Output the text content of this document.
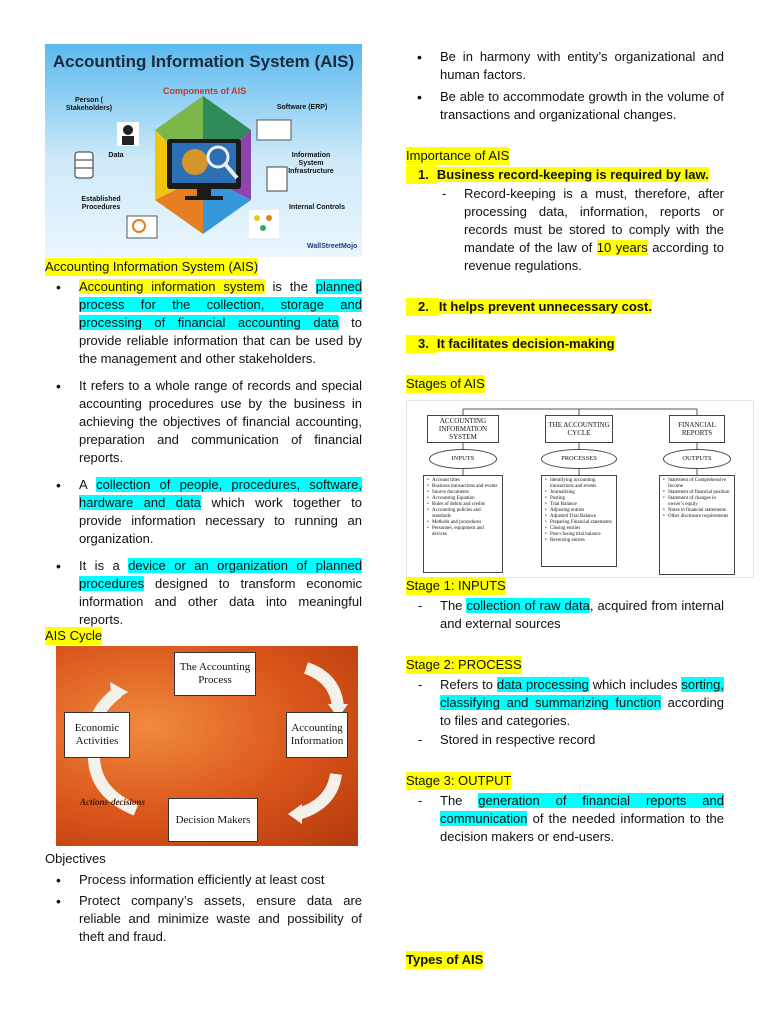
Accounting Information System (AIS)
Components of AIS
Person ( Stakeholders)	Software (ERP)
Data	Information System Infrastructure
Established Procedures	Internal Controls
WallStreetMojo
Accounting Information System (AIS)
• Accounting information system is the planned process for the collection, storage and processing of financial accounting data to provide reliable information that can be used by the management and other stakeholders.
• It refers to a whole range of records and special accounting procedures use by the business in achieving the objectives of financial accounting, preparation and communication of financial reports.
• A collection of people, procedures, software, hardware and data which work together to provide information necessary to running an organization.
• It is a device or an organization of planned procedures designed to transform economic information and other data into meaningful reports.
AIS Cycle
The Accounting Process
Accounting Information
Decision Makers
Economic Activities
Actions-decisions
Objectives
• Process information efficiently at least cost
• Protect company’s assets, ensure data are reliable and minimize waste and possibility of theft and fraud.
• Be in harmony with entity’s organizational and human factors.
• Be able to accommodate growth in the volume of transactions and organizational changes.
Importance of AIS
1. Business record-keeping is required by law.
- Record-keeping is a must, therefore, after processing data, information, reports or records must be stored to comply with the mandate of the law of 10 years according to revenue regulations.
2. It helps prevent unnecessary cost.
3. It facilitates decision-making
Stages of AIS
ACCOUNTING INFORMATION SYSTEM
THE ACCOUNTING CYCLE
FINANCIAL REPORTS
INPUTS	PROCESSES	OUTPUTS
• Account titles
• Business transactions and events
• Source documents
• Accounting Equation
• Rules of debits and credits
• Accounting policies and standards
• Methods and procedures
• Personnel, equipment and devices
• Identifying accounting transactions and events
• Journalizing
• Posting
• Trial Balance
• Adjusting entries
• Adjusted Trial Balance
• Preparing Financial statements
• Closing entries
• Post-closing trial balance
• Reversing entries
• Statement of Comprehensive Income
• Statement of financial position
• Statement of changes in owner’s equity
• Notes to financial statements
• Other disclosure requirements
Stage 1: INPUTS
- The collection of raw data, acquired from internal and external sources
Stage 2: PROCESS
- Refers to data processing which includes sorting, classifying and summarizing function according to files and categories.
- Stored in respective record
Stage 3: OUTPUT
- The generation of financial reports and communication of the needed information to the decision makers or end-users.
Types of AIS
